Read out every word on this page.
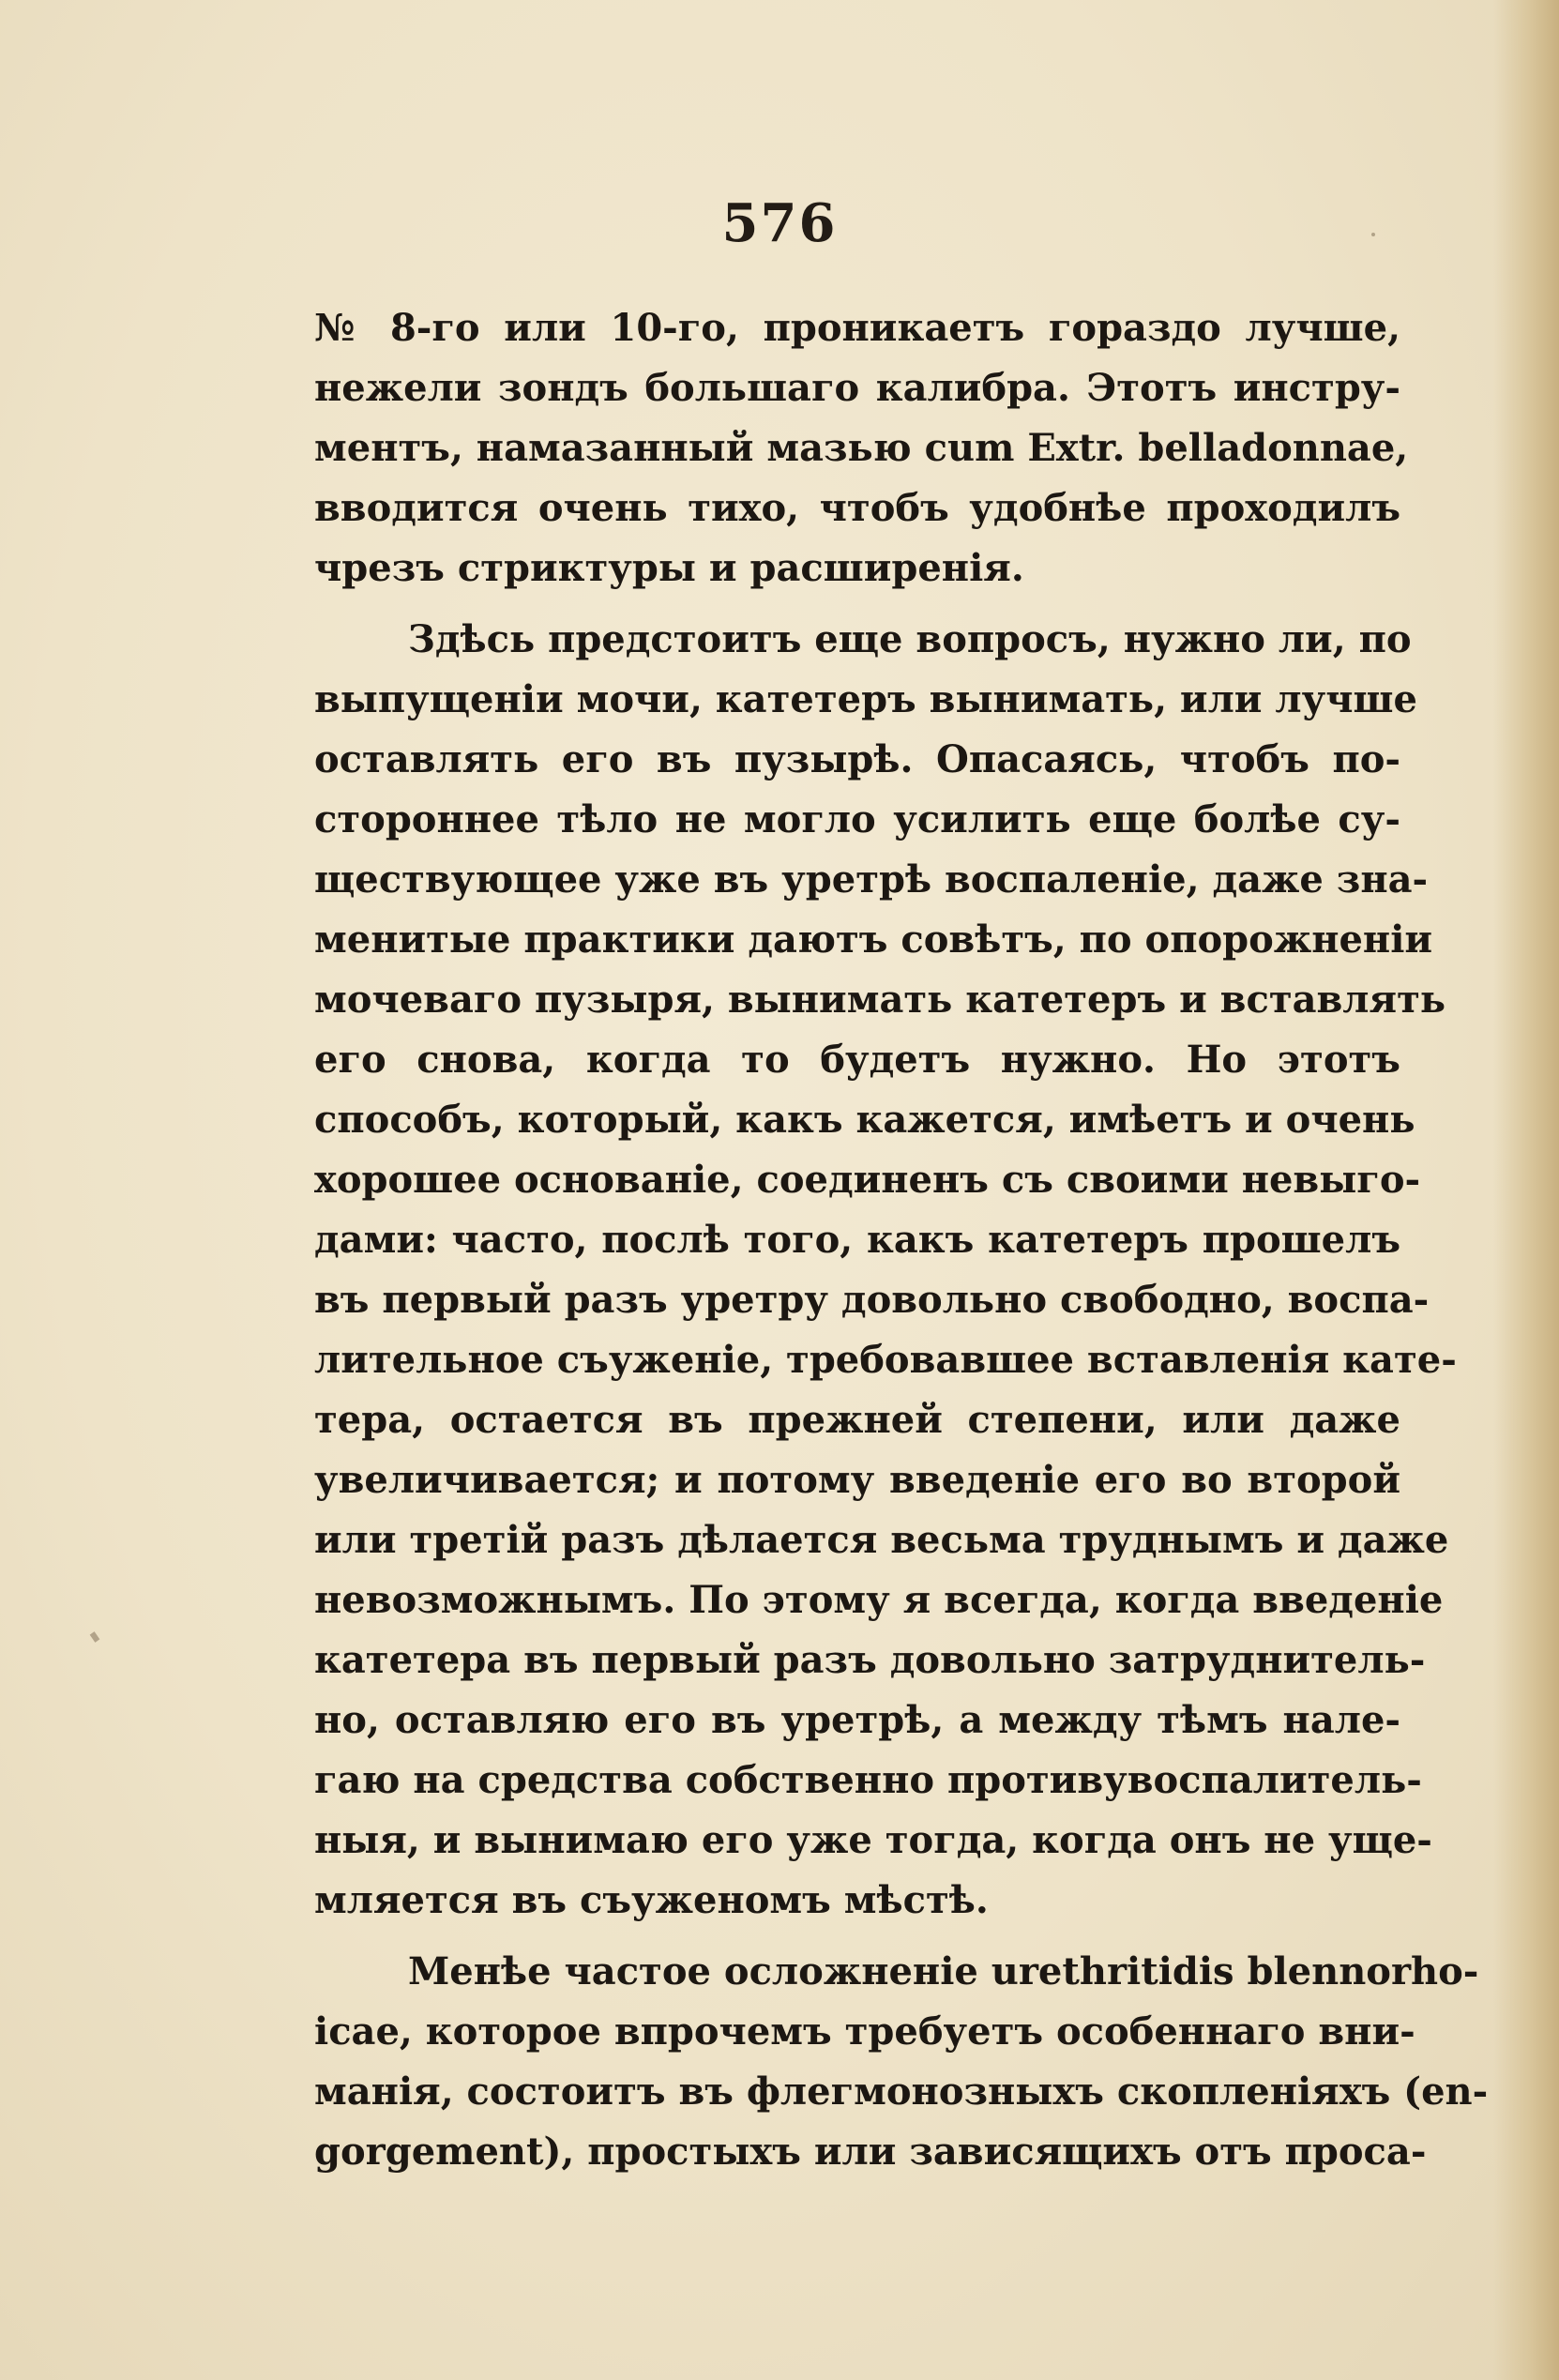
576
№ 8-го или 10-го, проникаетъ гораздо лучше,
нежели зондъ большаго калибра. Этотъ инстру-
ментъ, намазанный мазью cum Extr. belladonnae,
вводится очень тихо, чтобъ удобнѣе проходилъ
чрезъ стриктуры и расширенія.
Здѣсь предстоитъ еще вопросъ, нужно ли, по
выпущеніи мочи, катетеръ вынимать, или лучше
оставлять его въ пузырѣ. Опасаясь, чтобъ по-
стороннее тѣло не могло усилить еще болѣе су-
ществующее уже въ уретрѣ воспаленіе, даже зна-
менитые практики даютъ совѣтъ, по опорожненіи
мочеваго пузыря, вынимать катетеръ и вставлять
его снова, когда то будетъ нужно. Но этотъ
способъ, который, какъ кажется, имѣетъ и очень
хорошее основаніе, соединенъ съ своими невыго-
дами: часто, послѣ того, какъ катетеръ прошелъ
въ первый разъ уретру довольно свободно, воспа-
лительное съуженіе, требовавшее вставленія кате-
тера, остается въ прежней степени, или даже
увеличивается; и потому введеніе его во второй
или третій разъ дѣлается весьма труднымъ и даже
невозможнымъ. По этому я всегда, когда введеніе
катетера въ первый разъ довольно затруднитель-
но, оставляю его въ уретрѣ, а между тѣмъ нале-
гаю на средства собственно противувоспалитель-
ныя, и вынимаю его уже тогда, когда онъ не уще-
мляется въ съуженомъ мѣстѣ.
Менѣе частое осложненіе urethritidis blennorho-
icae, которое впрочемъ требуетъ особеннаго вни-
манія, состоитъ въ флегмонозныхъ скопленіяхъ (en-
gorgement), простыхъ или зависящихъ отъ проса-
